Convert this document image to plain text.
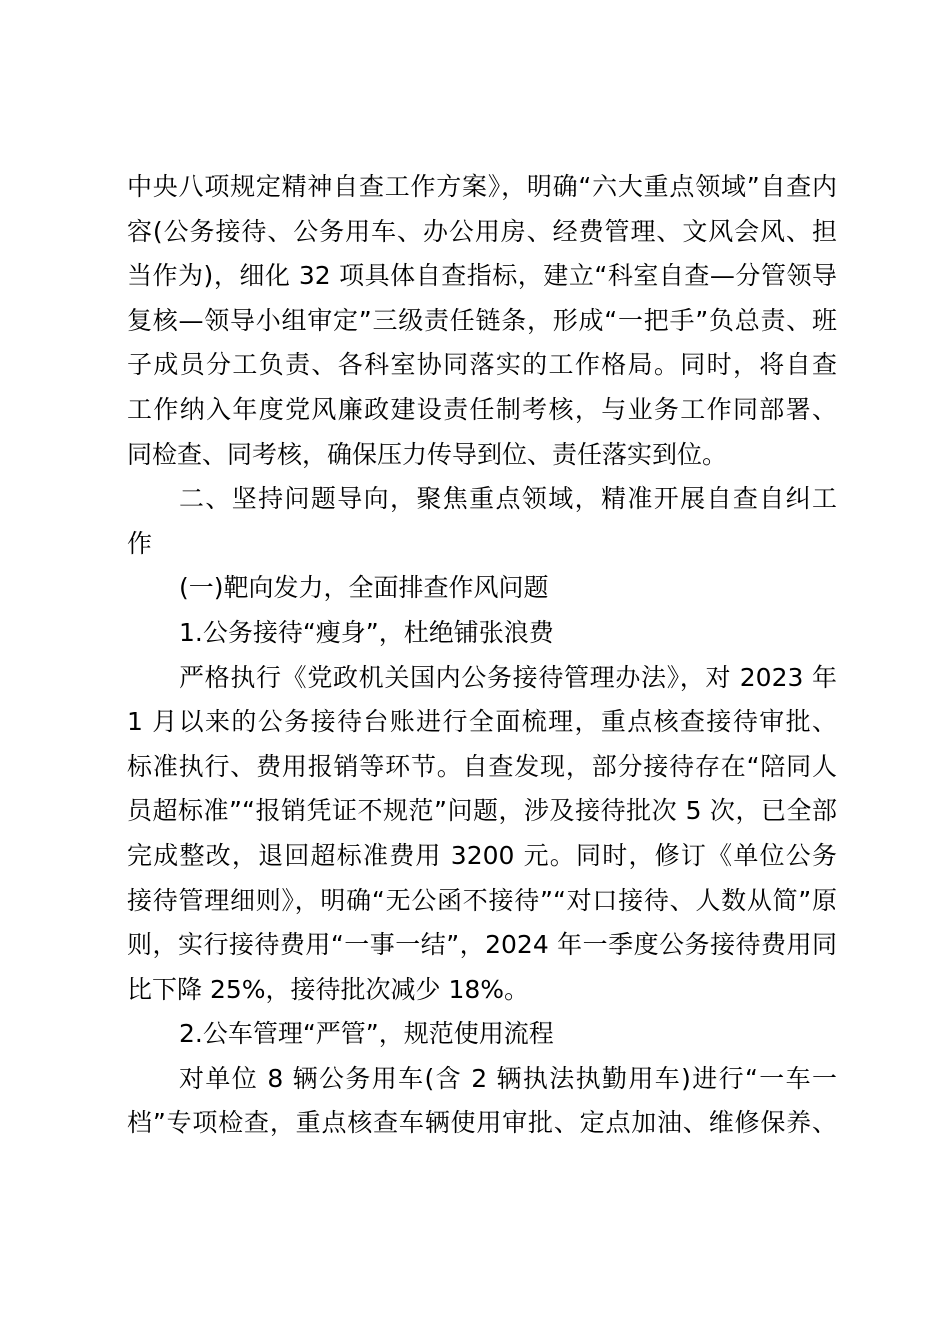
中央八项规定精神自查工作方案》，明确“六大重点领域”自查内
容(公务接待、公务用车、办公用房、经费管理、文风会风、担
当作为)，细化 32 项具体自查指标，建立“科室自查—分管领导
复核—领导小组审定”三级责任链条，形成“一把手”负总责、班
子成员分工负责、各科室协同落实的工作格局。同时，将自查
工作纳入年度党风廉政建设责任制考核，与业务工作同部署、
同检查、同考核，确保压力传导到位、责任落实到位。
二、坚持问题导向，聚焦重点领域，精准开展自查自纠工
作
(一)靶向发力，全面排查作风问题
1.公务接待“瘦身”，杜绝铺张浪费
严格执行《党政机关国内公务接待管理办法》，对 2023 年
1 月以来的公务接待台账进行全面梳理，重点核查接待审批、
标准执行、费用报销等环节。自查发现，部分接待存在“陪同人
员超标准”“报销凭证不规范”问题，涉及接待批次 5 次，已全部
完成整改，退回超标准费用 3200 元。同时，修订《单位公务
接待管理细则》，明确“无公函不接待”“对口接待、人数从简”原
则，实行接待费用“一事一结”，2024 年一季度公务接待费用同
比下降 25%，接待批次减少 18%。
2.公车管理“严管”，规范使用流程
对单位 8 辆公务用车(含 2 辆执法执勤用车)进行“一车一
档”专项检查，重点核查车辆使用审批、定点加油、维修保养、
